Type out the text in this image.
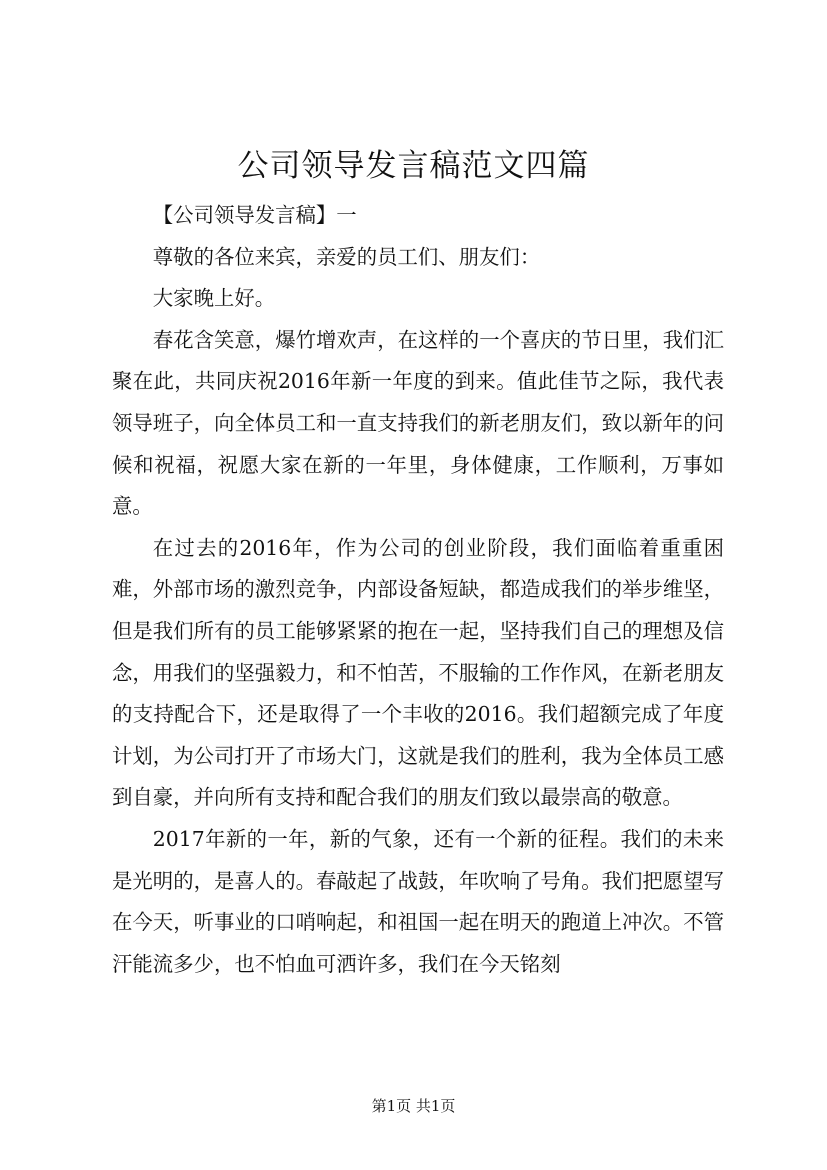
公司领导发言稿范文四篇

【公司领导发言稿】一

尊敬的各位来宾，亲爱的员工们、朋友们：

大家晚上好。

春花含笑意，爆竹增欢声，在这样的一个喜庆的节日里，我们汇聚在此，共同庆祝2016年新一年度的到来。值此佳节之际，我代表领导班子，向全体员工和一直支持我们的新老朋友们，致以新年的问候和祝福，祝愿大家在新的一年里，身体健康，工作顺利，万事如意。

在过去的2016年，作为公司的创业阶段，我们面临着重重困难，外部市场的激烈竞争，内部设备短缺，都造成我们的举步维坚，但是我们所有的员工能够紧紧的抱在一起，坚持我们自己的理想及信念，用我们的坚强毅力，和不怕苦，不服输的工作作风，在新老朋友的支持配合下，还是取得了一个丰收的2016。我们超额完成了年度计划，为公司打开了市场大门，这就是我们的胜利，我为全体员工感到自豪，并向所有支持和配合我们的朋友们致以最崇高的敬意。

2017年新的一年，新的气象，还有一个新的征程。我们的未来是光明的，是喜人的。春敲起了战鼓，年吹响了号角。我们把愿望写在今天，听事业的口哨响起，和祖国一起在明天的跑道上冲次。不管汗能流多少，也不怕血可洒许多，我们在今天铭刻

第1页 共1页
